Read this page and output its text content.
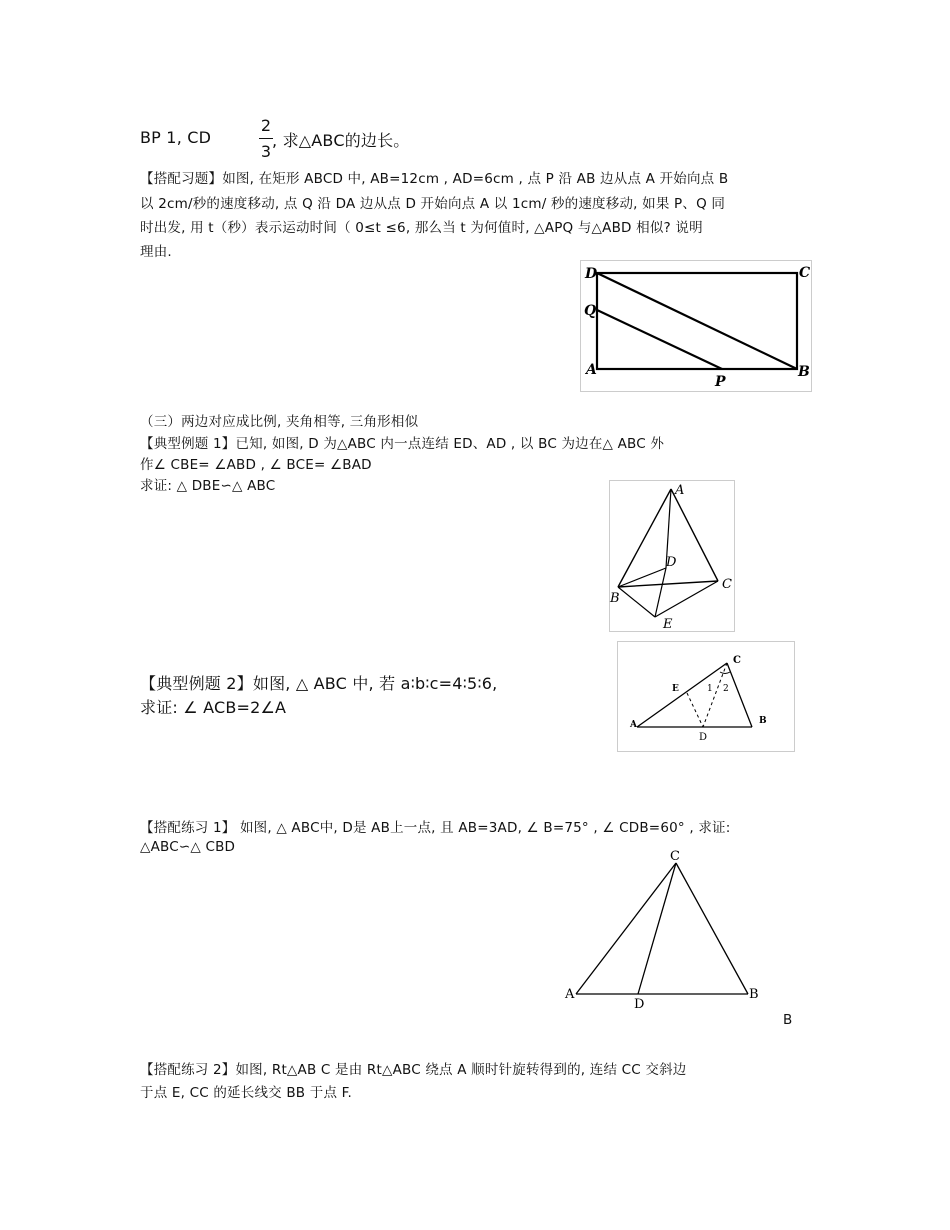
BP 1, CD
2
3
, 求△ABC的边长。
【搭配习题】如图, 在矩形 ABCD 中, AB=12cm , AD=6cm , 点 P 沿 AB 边从点 A 开始向点 B
以 2cm/秒的速度移动, 点 Q 沿 DA 边从点 D 开始向点 A 以 1cm/ 秒的速度移动, 如果 P、Q 同
时出发, 用 t（秒）表示运动时间（ 0≤t ≤6, 那么当 t 为何值时, △APQ 与△ABD 相似? 说明
理由.
D	C
Q
A
P
B
（三）两边对应成比例, 夹角相等, 三角形相似
【典型例题 1】已知, 如图, D 为△ABC 内一点连结 ED、AD , 以 BC 为边在△ ABC 外
作∠ CBE= ∠ABD , ∠ BCE= ∠BAD
求证: △ DBE∽△ ABC	A
D
B
C
E
【典型例题 2】如图, △ ABC 中, 若 a∶b∶c=4∶5∶6,
求证: ∠ ACB=2∠A
C
E	1 2
A
D
B
【搭配练习 1】 如图, △ ABC中, D是 AB上一点, 且 AB=3AD, ∠ B=75° , ∠ CDB=60° , 求证:
△ABC∽△ CBD
C
A
D
B
B
【搭配练习 2】如图, Rt△AB C 是由 Rt△ABC 绕点 A 顺时针旋转得到的, 连结 CC 交斜边
于点 E, CC 的延长线交 BB 于点 F.
